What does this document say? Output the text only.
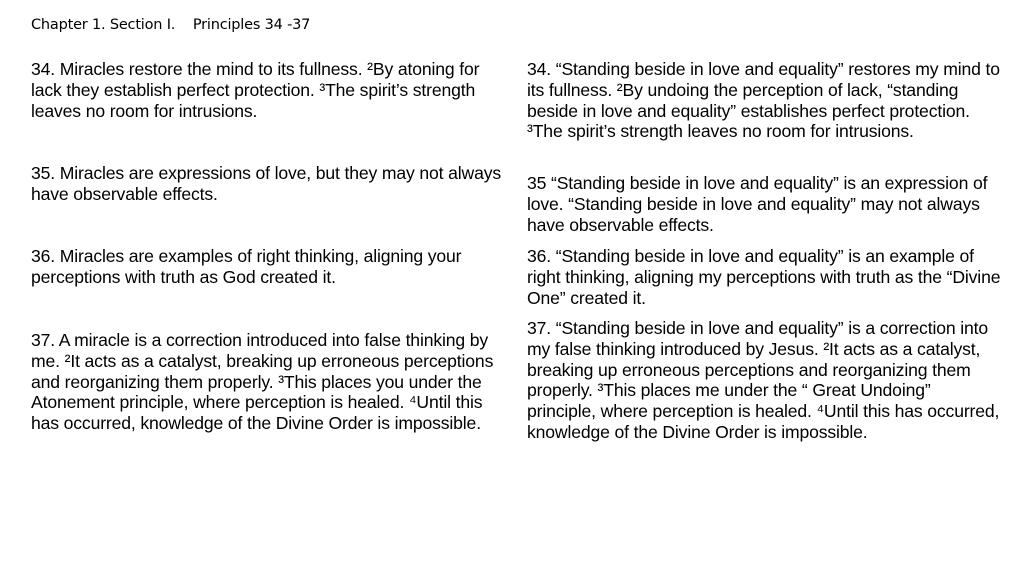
Chapter 1. Section I.    Principles 34 -37

34. Miracles restore the mind to its fullness. ²By atoning for lack they establish perfect protection. ³The spirit’s strength leaves no room for intrusions.

35. Miracles are expressions of love, but they may not always have observable effects.

36. Miracles are examples of right thinking, aligning your perceptions with truth as God created it.

37. A miracle is a correction introduced into false thinking by me. ²It acts as a catalyst, breaking up erroneous perceptions and reorganizing them properly. ³This places you under the Atonement principle, where perception is healed. ⁴Until this has occurred, knowledge of the Divine Order is impossible.

34. “Standing beside in love and equality” restores my mind to its fullness. ²By undoing the perception of lack, “standing beside in love and equality” establishes perfect protection. ³The spirit’s strength leaves no room for intrusions.

35 “Standing beside in love and equality” is an expression of love. “Standing beside in love and equality” may not always have observable effects.

36. “Standing beside in love and equality” is an example of right thinking, aligning my perceptions with truth as the “Divine One” created it.

37. “Standing beside in love and equality” is a correction into my false thinking introduced by Jesus. ²It acts as a catalyst, breaking up erroneous perceptions and reorganizing them properly. ³This places me under the “ Great Undoing” principle, where perception is healed. ⁴Until this has occurred, knowledge of the Divine Order is impossible.
